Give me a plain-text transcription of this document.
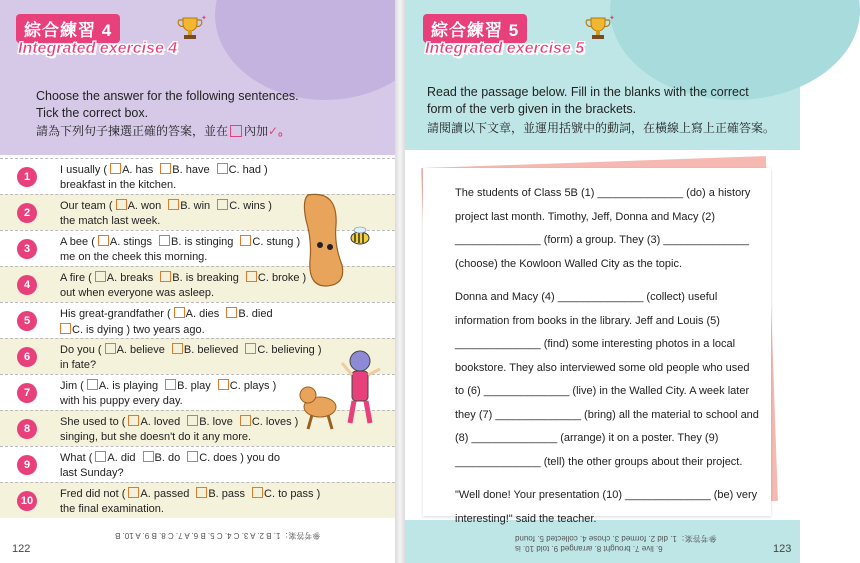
綜合練習 4
Integrated exercise 4
✦
Choose the answer for the following sentences.
Tick the correct box.
請為下列句子揀選正確的答案，並在 內加✓。
1
I usually ( A. has B. have C. had )
breakfast in the kitchen.
2
Our team ( A. won B. win C. wins )
the match last week.
3
A bee ( A. stings B. is stinging C. stung )
me on the cheek this morning.
4
A fire ( A. breaks B. is breaking C. broke )
out when everyone was asleep.
5
His great-grandfather ( A. dies B. died
C. is dying ) two years ago.
6
Do you ( A. believe B. believed C. believing )
in fate?
7
Jim ( A. is playing B. play C. plays )
with his puppy every day.
8
She used to ( A. loved B. love C. loves )
singing, but she doesn't do it any more.
9
What ( A. did B. do C. does ) you do
last Sunday?
10
Fred did not ( A. passed B. pass C. to pass )
the final examination.
參考答案：1. B 2. A 3. C 4. C 5. B 6. A 7. C 8. B 9. A 10. B
122
綜合練習 5
Integrated exercise 5
✦
Read the passage below. Fill in the blanks with the correct form of the verb given in the brackets.
請閱讀以下文章，並運用括號中的動詞，在橫線上寫上正確答案。

The students of Class 5B (1) ______________ (do) a history project last month. Timothy, Jeff, Donna and Macy (2) ______________ (form) a group. They (3) ______________ (choose) the Kowloon Walled City as the topic.

Donna and Macy (4) ______________ (collect) useful information from books in the library. Jeff and Louis (5) ______________ (find) some interesting photos in a local bookstore. They also interviewed some old people who used to (6) ______________ (live) in the Walled City. A week later they (7) ______________ (bring) all the material to school and (8) ______________ (arrange) it on a poster. They (9) ______________ (tell) the other groups about their project.

"Well done! Your presentation (10) ______________ (be) very interesting!" said the teacher.

6. live 7. brought 8. arranged 9. told 10. is
參考答案：1. did 2. formed 3. chose 4. collected 5. found
123
